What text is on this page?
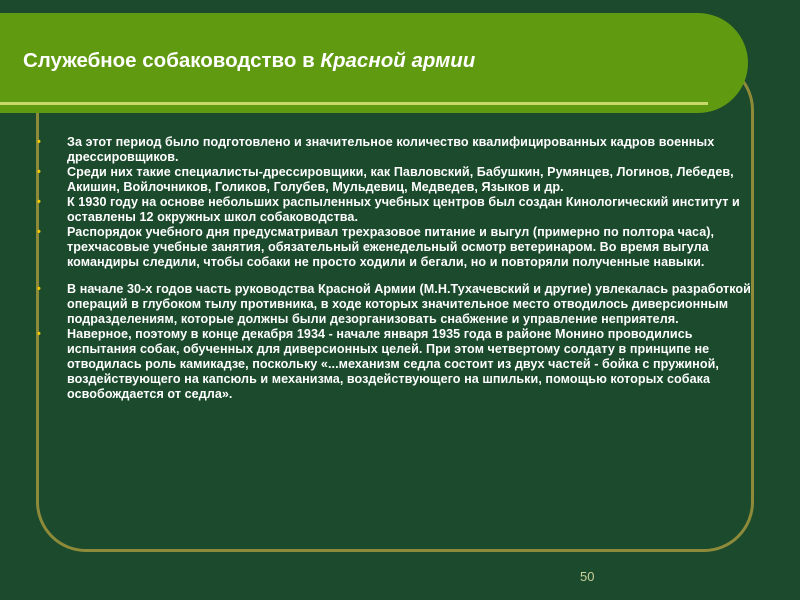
Служебное собаководство в Красной армии
• За этот период было подготовлено и значительное количество квалифицированных кадров военных дрессировщиков.
• Среди них такие специалисты-дрессировщики, как Павловский, Бабушкин, Румянцев, Логинов, Лебедев, Акишин, Войлочников, Голиков, Голубев, Мульдевиц, Медведев, Языков и др.
• К 1930 году на основе небольших распыленных учебных центров был создан Кинологический институт и оставлены 12 окружных школ собаководства.
• Распорядок учебного дня предусматривал трехразовое питание и выгул (примерно по полтора часа), трехчасовые учебные занятия, обязательный еженедельный осмотр ветеринаром. Во время выгула командиры следили, чтобы собаки не просто ходили и бегали, но и повторяли полученные навыки.
• В начале 30-х годов часть руководства Красной Армии (М.Н.Тухачевский и другие) увлекалась разработкой операций в глубоком тылу противника, в ходе которых значительное место отводилось диверсионным подразделениям, которые должны были дезорганизовать снабжение и управление неприятеля.
• Наверное, поэтому в конце декабря 1934 - начале января 1935 года в районе Монино проводились испытания собак, обученных для диверсионных целей. При этом четвертому солдату в принципе не отводилась роль камикадзе, поскольку «...механизм седла состоит из двух частей - бойка с пружиной, воздействующего на капсюль и механизма, воздействующего на шпильки, помощью которых собака освобождается от седла».
50
